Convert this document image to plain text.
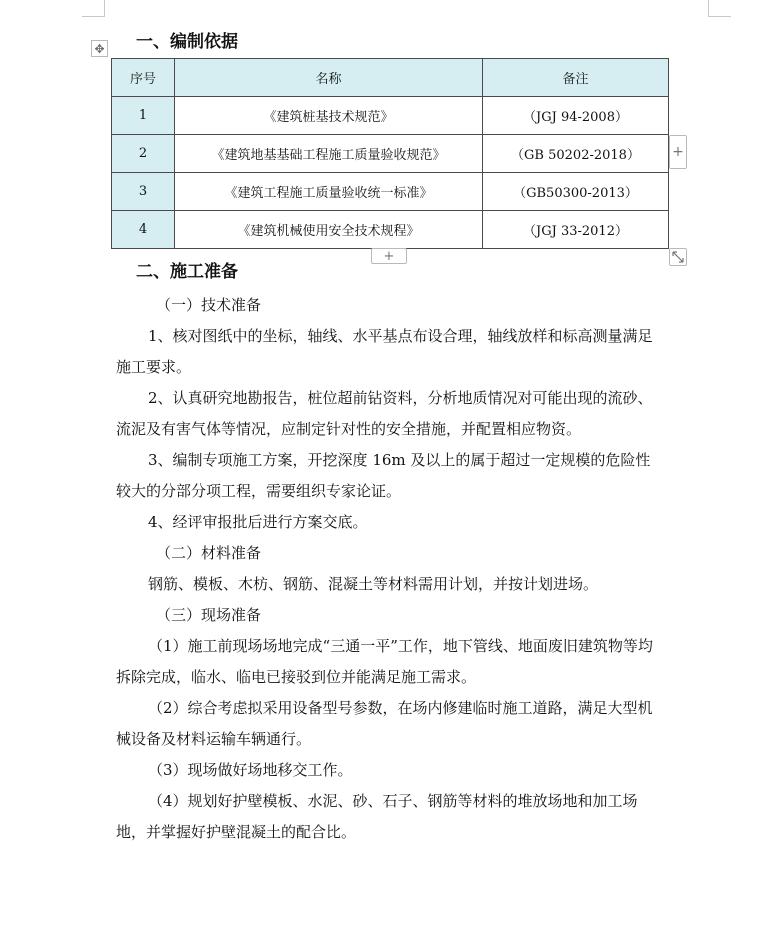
✥ 一、编制依据
序号	名称	备注
1	《建筑桩基技术规范》	（JGJ 94-2008）
2	《建筑地基基础工程施工质量验收规范》	（GB 50202-2018）
3	《建筑工程施工质量验收统一标准》	（GB50300-2013）
4	《建筑机械使用安全技术规程》	（JGJ 33-2012）
+
+
二、施工准备

（一）技术准备

1、核对图纸中的坐标，轴线、水平基点布设合理，轴线放样和标高测量满足施工要求。

2、认真研究地勘报告，桩位超前钻资料，分析地质情况对可能出现的流砂、流泥及有害气体等情况，应制定针对性的安全措施，并配置相应物资。

3、编制专项施工方案，开挖深度 16m 及以上的属于超过一定规模的危险性较大的分部分项工程，需要组织专家论证。

4、经评审报批后进行方案交底。

（二）材料准备

钢筋、模板、木枋、钢筋、混凝土等材料需用计划，并按计划进场。

（三）现场准备

（1）施工前现场场地完成“三通一平”工作，地下管线、地面废旧建筑物等均拆除完成，临水、临电已接驳到位并能满足施工需求。

（2）综合考虑拟采用设备型号参数，在场内修建临时施工道路，满足大型机械设备及材料运输车辆通行。

（3）现场做好场地移交工作。

（4）规划好护壁模板、水泥、砂、石子、钢筋等材料的堆放场地和加工场地，并掌握好护壁混凝土的配合比。
